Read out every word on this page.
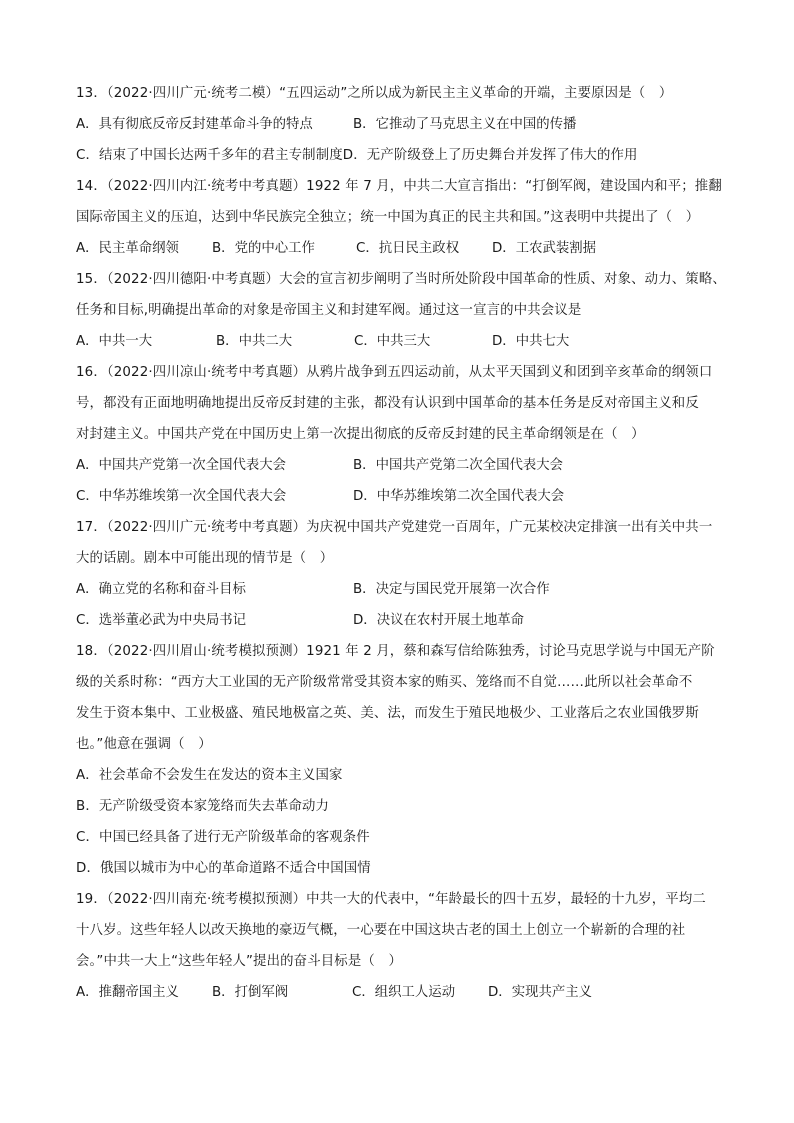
13．（2022·四川广元·统考二模）“五四运动”之所以成为新民主主义革命的开端，主要原因是（　）
A．具有彻底反帝反封建革命斗争的特点	B．它推动了马克思主义在中国的传播
C．结束了中国长达两千多年的君主专制制度D．无产阶级登上了历史舞台并发挥了伟大的作用
14．（2022·四川内江·统考中考真题）1922 年 7 月，中共二大宣言指出：“打倒军阀，建设国内和平；推翻
国际帝国主义的压迫，达到中华民族完全独立；统一中国为真正的民主共和国。”这表明中共提出了（　）
A．民主革命纲领	B．党的中心工作	C．抗日民主政权	D．工农武装割据
15．（2022·四川德阳·中考真题）大会的宣言初步阐明了当时所处阶段中国革命的性质、对象、动力、策略、
任务和目标,明确提出革命的对象是帝国主义和封建军阀。通过这一宣言的中共会议是
A．中共一大	B．中共二大	C．中共三大	D．中共七大
16．（2022·四川凉山·统考中考真题）从鸦片战争到五四运动前，从太平天国到义和团到辛亥革命的纲领口
号，都没有正面地明确地提出反帝反封建的主张，都没有认识到中国革命的基本任务是反对帝国主义和反
对封建主义。中国共产党在中国历史上第一次提出彻底的反帝反封建的民主革命纲领是在（　）
A．中国共产党第一次全国代表大会	B．中国共产党第二次全国代表大会
C．中华苏维埃第一次全国代表大会	D．中华苏维埃第二次全国代表大会
17．（2022·四川广元·统考中考真题）为庆祝中国共产党建党一百周年，广元某校决定排演一出有关中共一
大的话剧。剧本中可能出现的情节是（　）
A．确立党的名称和奋斗目标	B．决定与国民党开展第一次合作
C．选举董必武为中央局书记	D．决议在农村开展土地革命
18．（2022·四川眉山·统考模拟预测）1921 年 2 月，蔡和森写信给陈独秀，讨论马克思学说与中国无产阶
级的关系时称：“西方大工业国的无产阶级常常受其资本家的贿买、笼络而不自觉……此所以社会革命不
发生于资本集中、工业极盛、殖民地极富之英、美、法，而发生于殖民地极少、工业落后之农业国俄罗斯
也。”他意在强调（　）
A．社会革命不会发生在发达的资本主义国家
B．无产阶级受资本家笼络而失去革命动力
C．中国已经具备了进行无产阶级革命的客观条件
D．俄国以城市为中心的革命道路不适合中国国情
19．（2022·四川南充·统考模拟预测）中共一大的代表中，“年龄最长的四十五岁，最轻的十九岁，平均二
十八岁。这些年轻人以改天换地的豪迈气概，一心要在中国这块古老的国土上创立一个崭新的合理的社
会。”中共一大上“这些年轻人”提出的奋斗目标是（　）
A．推翻帝国主义	B．打倒军阀	C．组织工人运动	D．实现共产主义
